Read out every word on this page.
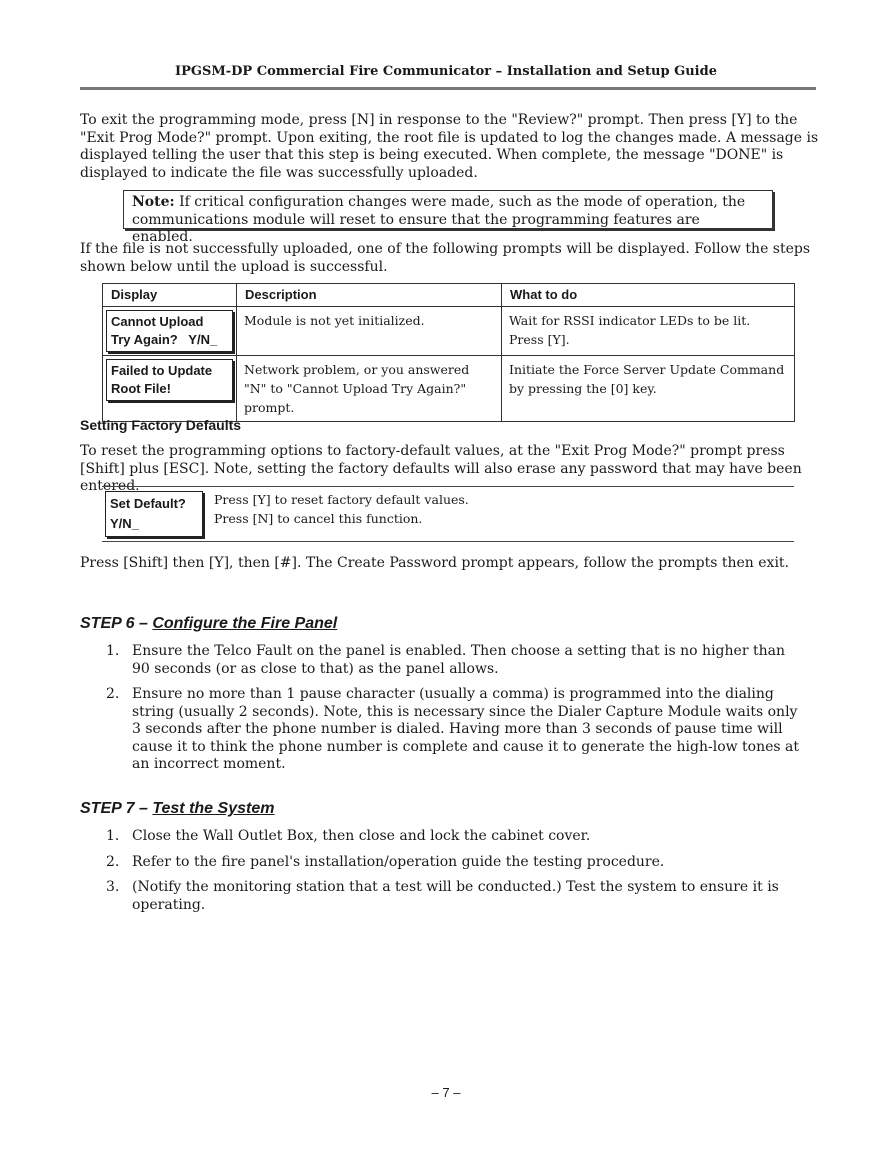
IPGSM-DP Commercial Fire Communicator – Installation and Setup Guide

To exit the programming mode, press [N] in response to the "Review?" prompt. Then press [Y] to the "Exit Prog Mode?" prompt. Upon exiting, the root file is updated to log the changes made. A message is displayed telling the user that this step is being executed. When complete, the message "DONE" is displayed to indicate the file was successfully uploaded.

Note: If critical configuration changes were made, such as the mode of operation, the communications module will reset to ensure that the programming features are enabled.

If the file is not successfully uploaded, one of the following prompts will be displayed. Follow the steps shown below until the upload is successful.

Display	Description	What to do

Cannot Upload
Try Again?   Y/N_	Module is not yet initialized.	Wait for RSSI indicator LEDs to be lit. Press [Y].

Failed to Update
Root File!	Network problem, or you answered "N" to "Cannot Upload Try Again?" prompt.	Initiate the Force Server Update Command by pressing the [0] key.
Setting Factory Defaults

To reset the programming options to factory-default values, at the "Exit Prog Mode?" prompt press [Shift] plus [ESC]. Note, setting the factory defaults will also erase any password that may have been entered.

Set Default?
Y/N_
Press [Y] to reset factory default values.
Press [N] to cancel this function.

Press [Shift] then [Y], then [#]. The Create Password prompt appears, follow the prompts then exit.

STEP 6 – Configure the Fire Panel
1. Ensure the Telco Fault on the panel is enabled. Then choose a setting that is no higher than 90 seconds (or as close to that) as the panel allows.
2. Ensure no more than 1 pause character (usually a comma) is programmed into the dialing string (usually 2 seconds). Note, this is necessary since the Dialer Capture Module waits only 3 seconds after the phone number is dialed. Having more than 3 seconds of pause time will cause it to think the phone number is complete and cause it to generate the high-low tones at an incorrect moment.
STEP 7 – Test the System
1. Close the Wall Outlet Box, then close and lock the cabinet cover.
2. Refer to the fire panel's installation/operation guide the testing procedure.
3. (Notify the monitoring station that a test will be conducted.) Test the system to ensure it is operating.
– 7 –
